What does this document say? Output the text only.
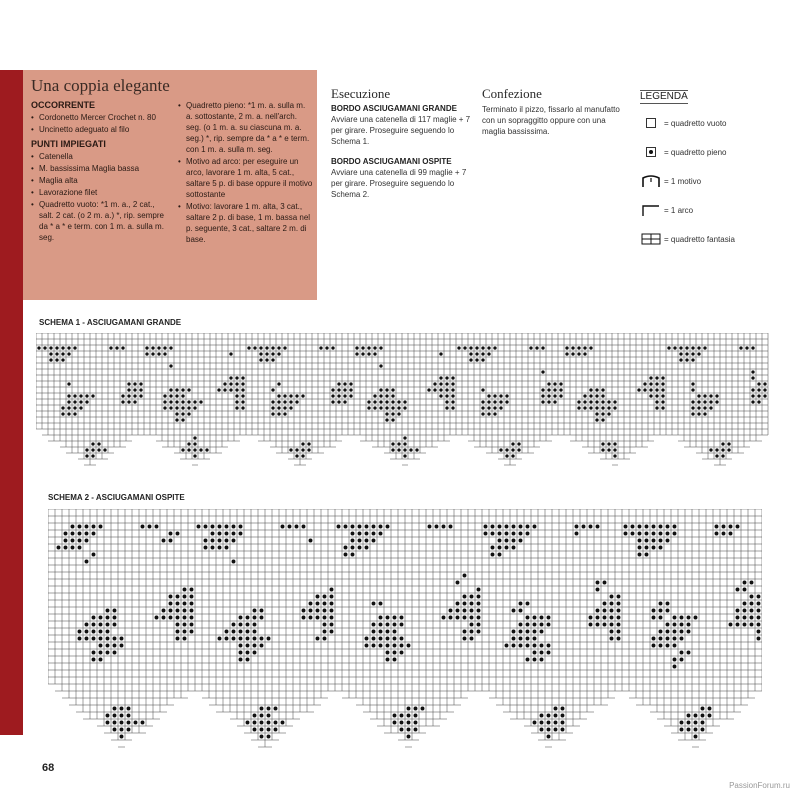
Una coppia elegante
OCCORRENTE
• Cordonetto Mercer Crochet n. 80
• Uncinetto adeguato al filo
PUNTI IMPIEGATI
• Catenella
• M. bassissima Maglia bassa
• Maglia alta
• Lavorazione filet
• Quadretto vuoto: *1 m. a., 2 cat., salt. 2 cat. (o 2 m. a.) *, rip. sempre da * a * e term. con 1 m. a. sulla m. seg.
• Quadretto pieno: *1 m. a. sulla m. a. sottostante, 2 m. a. nell'arch. seg. (o 1 m. a. su ciascuna m. a. seg.) *, rip. sempre da * a * e term. con 1 m. a. sulla m. seg.
• Motivo ad arco: per eseguire un arco, lavorare 1 m. alta, 5 cat., saltare 5 p. di base oppure il motivo sottostante
• Motivo: lavorare 1 m. alta, 3 cat., saltare 2 p. di base, 1 m. bassa nel p. seguente, 3 cat., saltare 2 m. di base.
Esecuzione
BORDO ASCIUGAMANI GRANDE
Avviare una catenella di 117 maglie + 7 per girare. Proseguire seguendo lo Schema 1.
BORDO ASCIUGAMANI OSPITE
Avviare una catenella di 99 maglie + 7 per girare. Proseguire seguendo lo Schema 2.
Confezione
Terminato il pizzo, fissarlo al manufatto con un sopraggitto oppure con una maglia bassissima.
LEGENDA
= quadretto vuoto
= quadretto pieno
= 1 motivo
= 1 arco
= quadretto fantasia
SCHEMA 1 - ASCIUGAMANI GRANDE
SCHEMA 2 - ASCIUGAMANI OSPITE
68
PassionForum.ru
